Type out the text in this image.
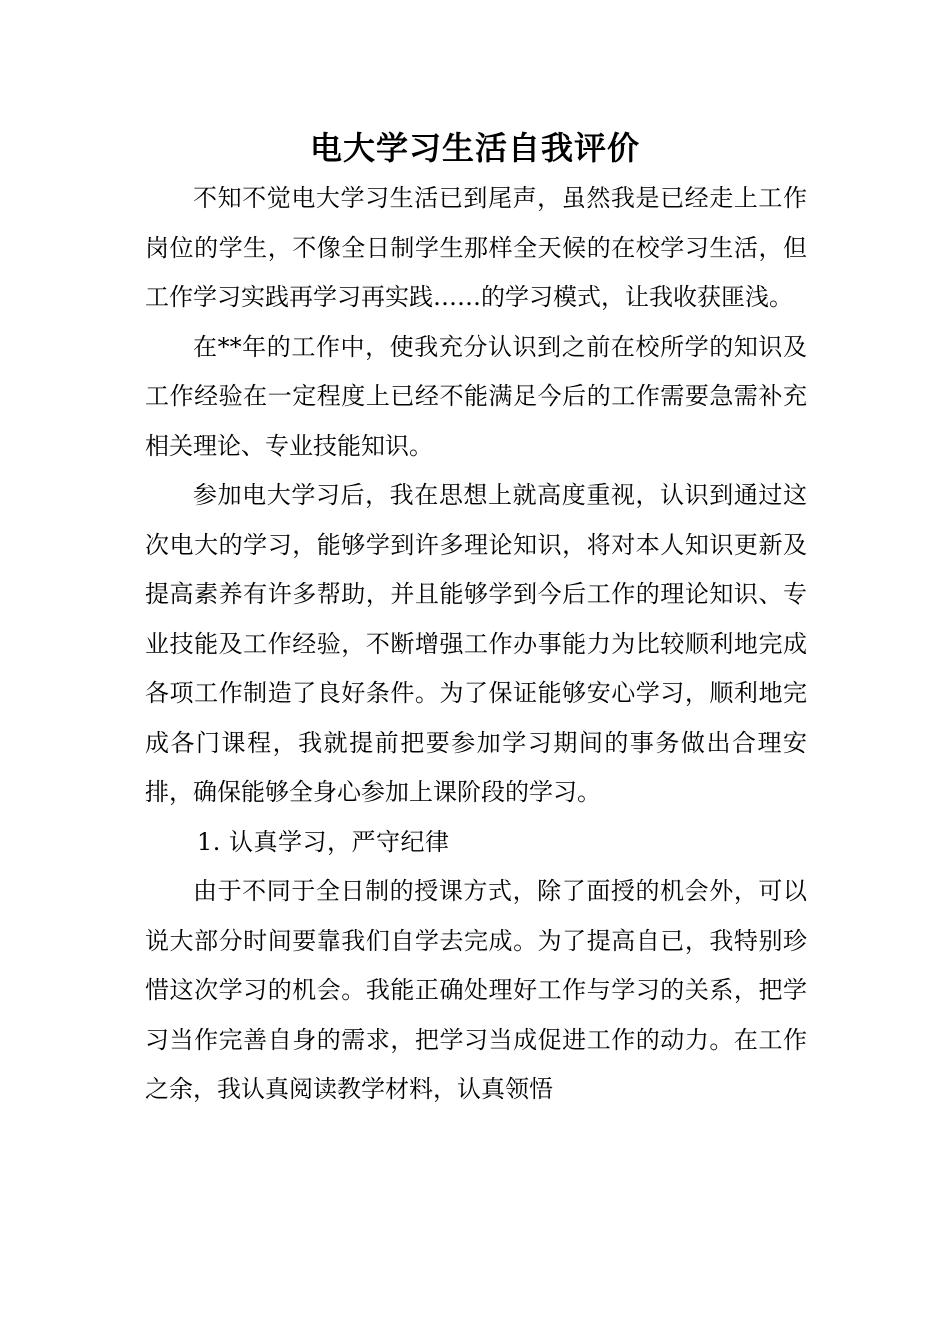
电大学习生活自我评价

不知不觉电大学习生活已到尾声，虽然我是已经走上工作岗位的学生，不像全日制学生那样全天候的在校学习生活，但工作学习实践再学习再实践……的学习模式，让我收获匪浅。

在**年的工作中，使我充分认识到之前在校所学的知识及工作经验在一定程度上已经不能满足今后的工作需要急需补充相关理论、专业技能知识。

参加电大学习后，我在思想上就高度重视，认识到通过这次电大的学习，能够学到许多理论知识，将对本人知识更新及提高素养有许多帮助，并且能够学到今后工作的理论知识、专业技能及工作经验，不断增强工作办事能力为比较顺利地完成各项工作制造了良好条件。为了保证能够安心学习，顺利地完成各门课程，我就提前把要参加学习期间的事务做出合理安排，确保能够全身心参加上课阶段的学习。

1. 认真学习，严守纪律

由于不同于全日制的授课方式，除了面授的机会外，可以说大部分时间要靠我们自学去完成。为了提高自已，我特别珍惜这次学习的机会。我能正确处理好工作与学习的关系，把学习当作完善自身的需求，把学习当成促进工作的动力。在工作之余，我认真阅读教学材料，认真领悟
